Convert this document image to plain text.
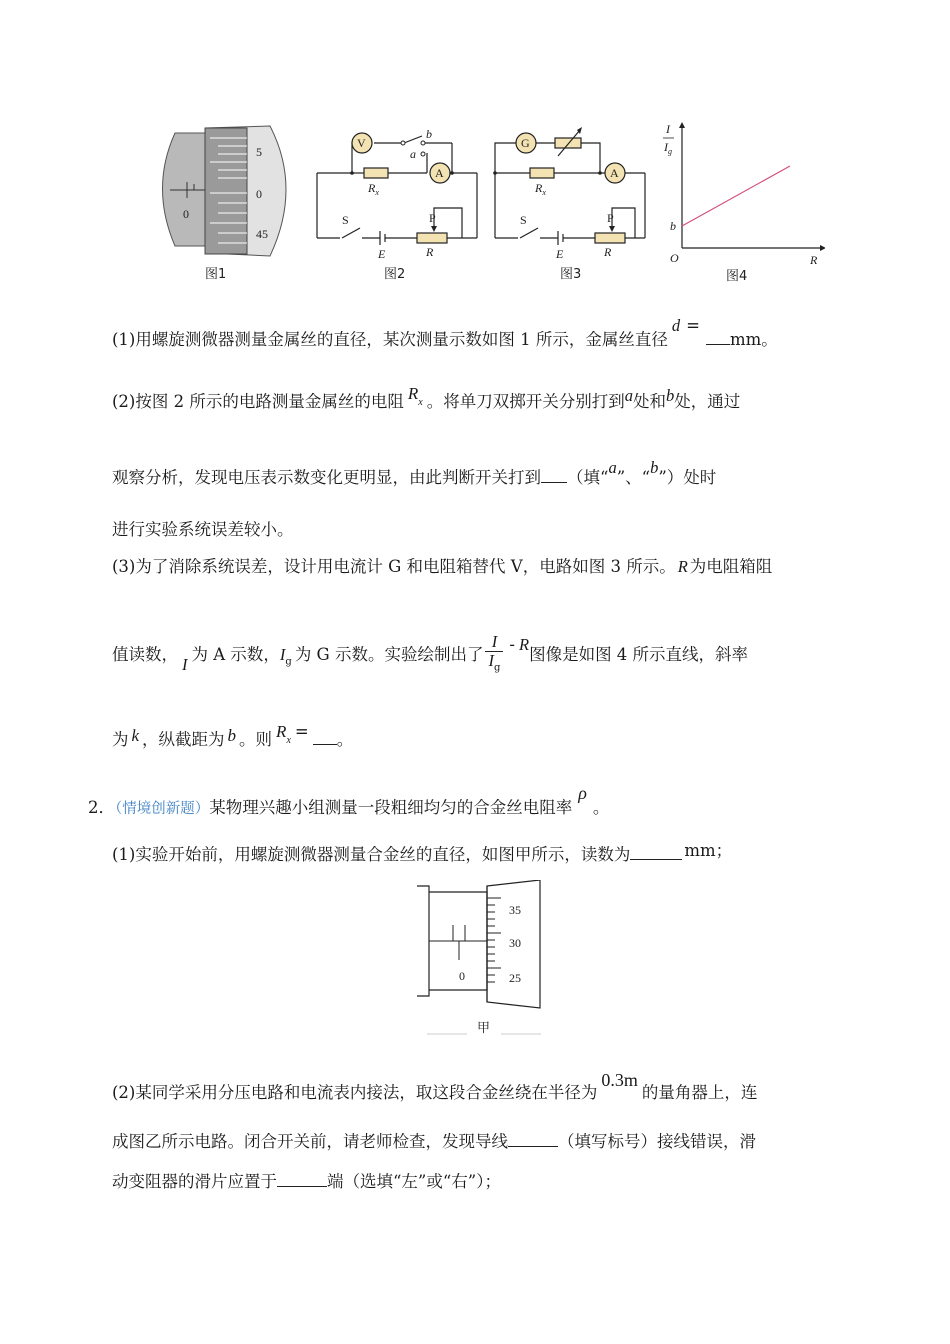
0
5
0
45
图1
V
A
b
a
$R_x$
S	P
E	R
图2
G
A
$R_x$
S	P
E	R
图3
I
$I_g$
b
O	R
图4
(1)用螺旋测微器测量金属丝的直径，某次测量示数如图 1 所示，金属丝直径d =mm。
(2)按图 2 所示的电路测量金属丝的电阻 $R_x$ 。将单刀双掷开关分别打到a处和b处，通过
观察分析，发现电压表示数变化更明显，由此判断开关打到 （填“a”、“b”）处时
进行实验系统误差较小。
(3)为了消除系统误差，设计用电流计 G 和电阻箱替代 V，电路如图 3 所示。 R 为电阻箱阻
值读数，I为 A 示数，$I_g$ 为 G 示数。实验绘制出了 $\frac{I}{I_g}$ - R图像是如图 4 所示直线，斜率
为 k ，纵截距为 b 。则 $R_x$ = 。
2．（情境创新题）某物理兴趣小组测量一段粗细均匀的合金丝电阻率ρ。
(1)实验开始前，用螺旋测微器测量合金丝的直径，如图甲所示，读数为	mm；
35
30
25
0
甲
(2)某同学采用分压电路和电流表内接法，取这段合金丝绕在半径为0.3m的量角器上，连
成图乙所示电路。闭合开关前，请老师检查，发现导线	（填写标号）接线错误，滑
动变阻器的滑片应置于	端（选填“左”或“右”）；
